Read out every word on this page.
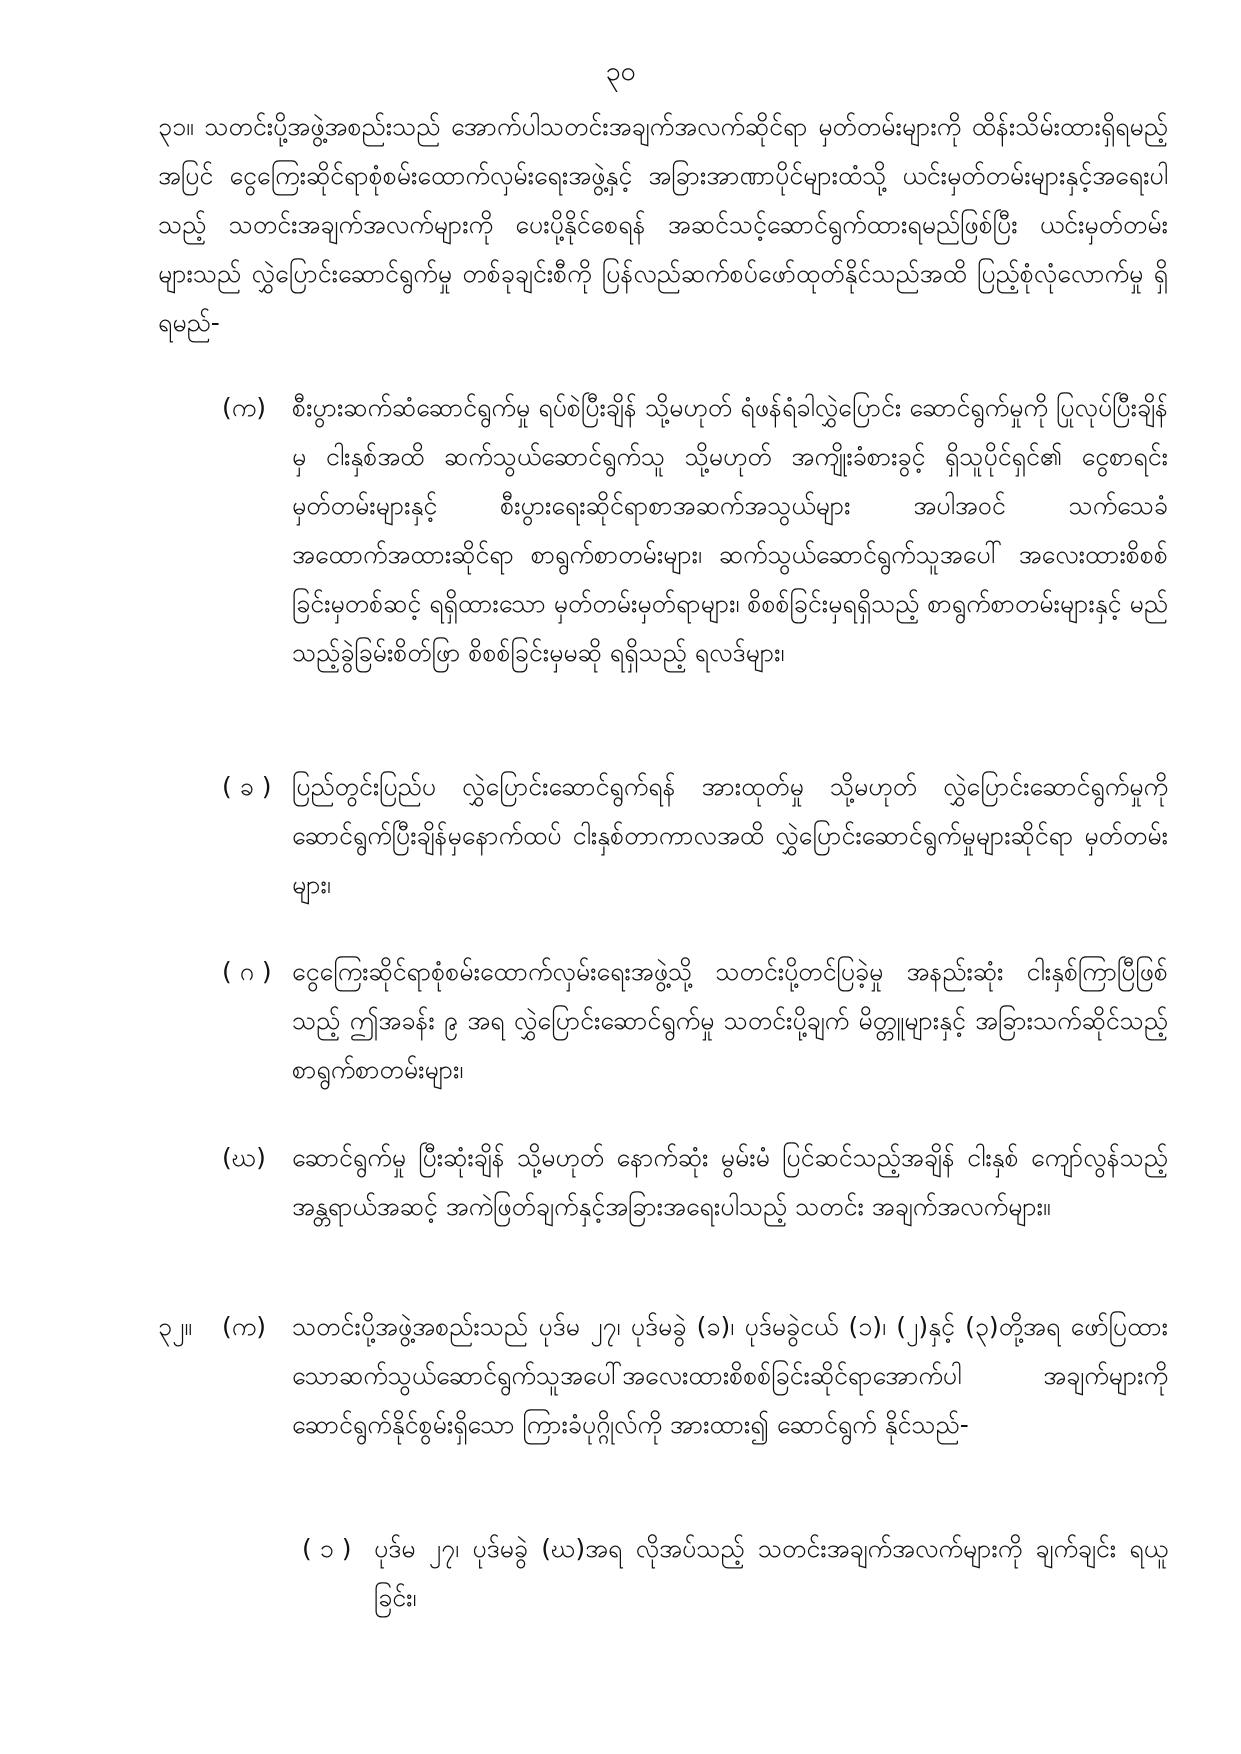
၃၀
၃၁။ သတင်းပို့အဖွဲ့အစည်းသည် အောက်ပါသတင်းအချက်အလက်ဆိုင်ရာ မှတ်တမ်းများကို ထိန်းသိမ်းထားရှိရမည့်အပြင် ငွေကြေးဆိုင်ရာစုံစမ်းထောက်လှမ်းရေးအဖွဲ့နှင့် အခြားအာဏာပိုင်များထံသို့ ယင်းမှတ်တမ်းများနှင့်အရေးပါသည့် သတင်းအချက်အလက်များကို ပေးပို့နိုင်စေရန် အဆင်သင့်ဆောင်ရွက်ထားရမည်ဖြစ်ပြီး ယင်းမှတ်တမ်းများသည် လွှဲပြောင်းဆောင်ရွက်မှု တစ်ခုချင်းစီကို ပြန်လည်ဆက်စပ်ဖော်ထုတ်နိုင်သည်အထိ ပြည့်စုံလုံလောက်မှု ရှိရမည်-
(က) စီးပွားဆက်ဆံဆောင်ရွက်မှု ရပ်စဲပြီးချိန် သို့မဟုတ် ရံဖန်ရံခါလွှဲပြောင်း ဆောင်ရွက်မှုကို ပြုလုပ်ပြီးချိန်မှ ငါးနှစ်အထိ ဆက်သွယ်ဆောင်ရွက်သူ သို့မဟုတ် အကျိုးခံစားခွင့် ရှိသူပိုင်ရှင်၏ ငွေစာရင်းမှတ်တမ်းများနှင့် စီးပွားရေးဆိုင်ရာစာအဆက်အသွယ်များ အပါအဝင် သက်သေခံ အထောက်အထားဆိုင်ရာ စာရွက်စာတမ်းများ၊ ဆက်သွယ်ဆောင်ရွက်သူအပေါ် အလေးထားစိစစ်ခြင်းမှတစ်ဆင့် ရရှိထားသော မှတ်တမ်းမှတ်ရာများ၊ စိစစ်ခြင်းမှရရှိသည့် စာရွက်စာတမ်းများနှင့် မည်သည့်ခွဲခြမ်းစိတ်ဖြာ စိစစ်ခြင်းမှမဆို ရရှိသည့် ရလဒ်များ၊
( ခ ) ပြည်တွင်းပြည်ပ လွှဲပြောင်းဆောင်ရွက်ရန် အားထုတ်မှု သို့မဟုတ် လွှဲပြောင်းဆောင်ရွက်မှုကို ဆောင်ရွက်ပြီးချိန်မှနောက်ထပ် ငါးနှစ်တာကာလအထိ လွှဲပြောင်းဆောင်ရွက်မှုများဆိုင်ရာ မှတ်တမ်းများ၊
( ဂ ) ငွေကြေးဆိုင်ရာစုံစမ်းထောက်လှမ်းရေးအဖွဲ့သို့ သတင်းပို့တင်ပြခဲ့မှု အနည်းဆုံး ငါးနှစ်ကြာပြီဖြစ်သည့် ဤအခန်း ၉ အရ လွှဲပြောင်းဆောင်ရွက်မှု သတင်းပို့ချက် မိတ္တူများနှင့် အခြားသက်ဆိုင်သည့် စာရွက်စာတမ်းများ၊
(ဃ) ဆောင်ရွက်မှု ပြီးဆုံးချိန် သို့မဟုတ် နောက်ဆုံး မွမ်းမံ ပြင်ဆင်သည့်အချိန် ငါးနှစ် ကျော်လွန်သည့် အန္တရာယ်အဆင့် အကဲဖြတ်ချက်နှင့်အခြားအရေးပါသည့် သတင်း အချက်အလက်များ။
၃၂။ (က) သတင်းပို့အဖွဲ့အစည်းသည် ပုဒ်မ ၂၇၊ ပုဒ်မခွဲ (ခ)၊ ပုဒ်မခွဲငယ် (၁)၊ (၂)နှင့် (၃)တို့အရ ဖော်ပြထားသောဆက်သွယ်ဆောင်ရွက်သူအပေါ်အလေးထားစိစစ်ခြင်းဆိုင်ရာအောက်ပါ အချက်များကို ဆောင်ရွက်နိုင်စွမ်းရှိသော ကြားခံပုဂ္ဂိုလ်ကို အားထား၍ ဆောင်ရွက် နိုင်သည်-
( ၁ ) ပုဒ်မ ၂၇၊ ပုဒ်မခွဲ (ဃ)အရ လိုအပ်သည့် သတင်းအချက်အလက်များကို ချက်ချင်း ရယူခြင်း၊
